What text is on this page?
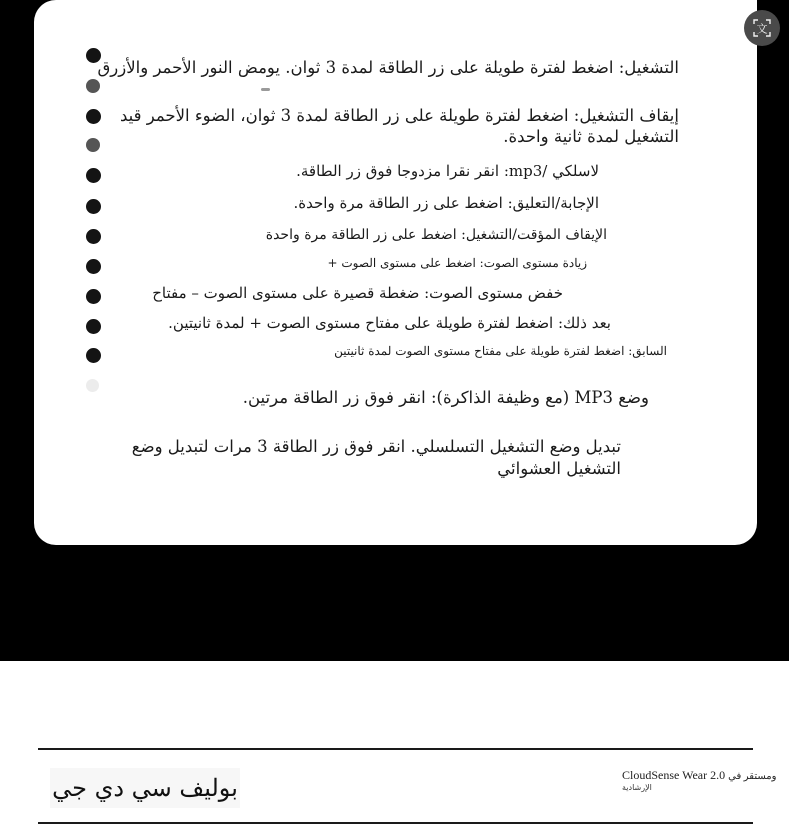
文
التشغيل: اضغط لفترة طويلة على زر الطاقة لمدة 3 ثوان. يومض النور الأحمر والأزرق
إيقاف التشغيل: اضغط لفترة طويلة على زر الطاقة لمدة 3 ثوان، الضوء الأحمر قيد التشغيل لمدة ثانية واحدة.
لاسلكي /mp3: انقر نقرا مزدوجا فوق زر الطاقة.
الإجابة/التعليق: اضغط على زر الطاقة مرة واحدة.
الإيقاف المؤقت/التشغيل: اضغط على زر الطاقة مرة واحدة
زيادة مستوى الصوت: اضغط على مستوى الصوت +
خفض مستوى الصوت: ضغطة قصيرة على مستوى الصوت – مفتاح
بعد ذلك: اضغط لفترة طويلة على مفتاح مستوى الصوت + لمدة ثانيتين.
السابق: اضغط لفترة طويلة على مفتاح مستوى الصوت لمدة ثانيتين
وضع MP3 (مع وظيفة الذاكرة): انقر فوق زر الطاقة مرتين.
تبديل وضع التشغيل التسلسلي. انقر فوق زر الطاقة 3 مرات لتبديل وضع التشغيل العشوائي
بوليف سي دي جي	CloudSense Wear 2.0 ومستقر في
الإرشادية
